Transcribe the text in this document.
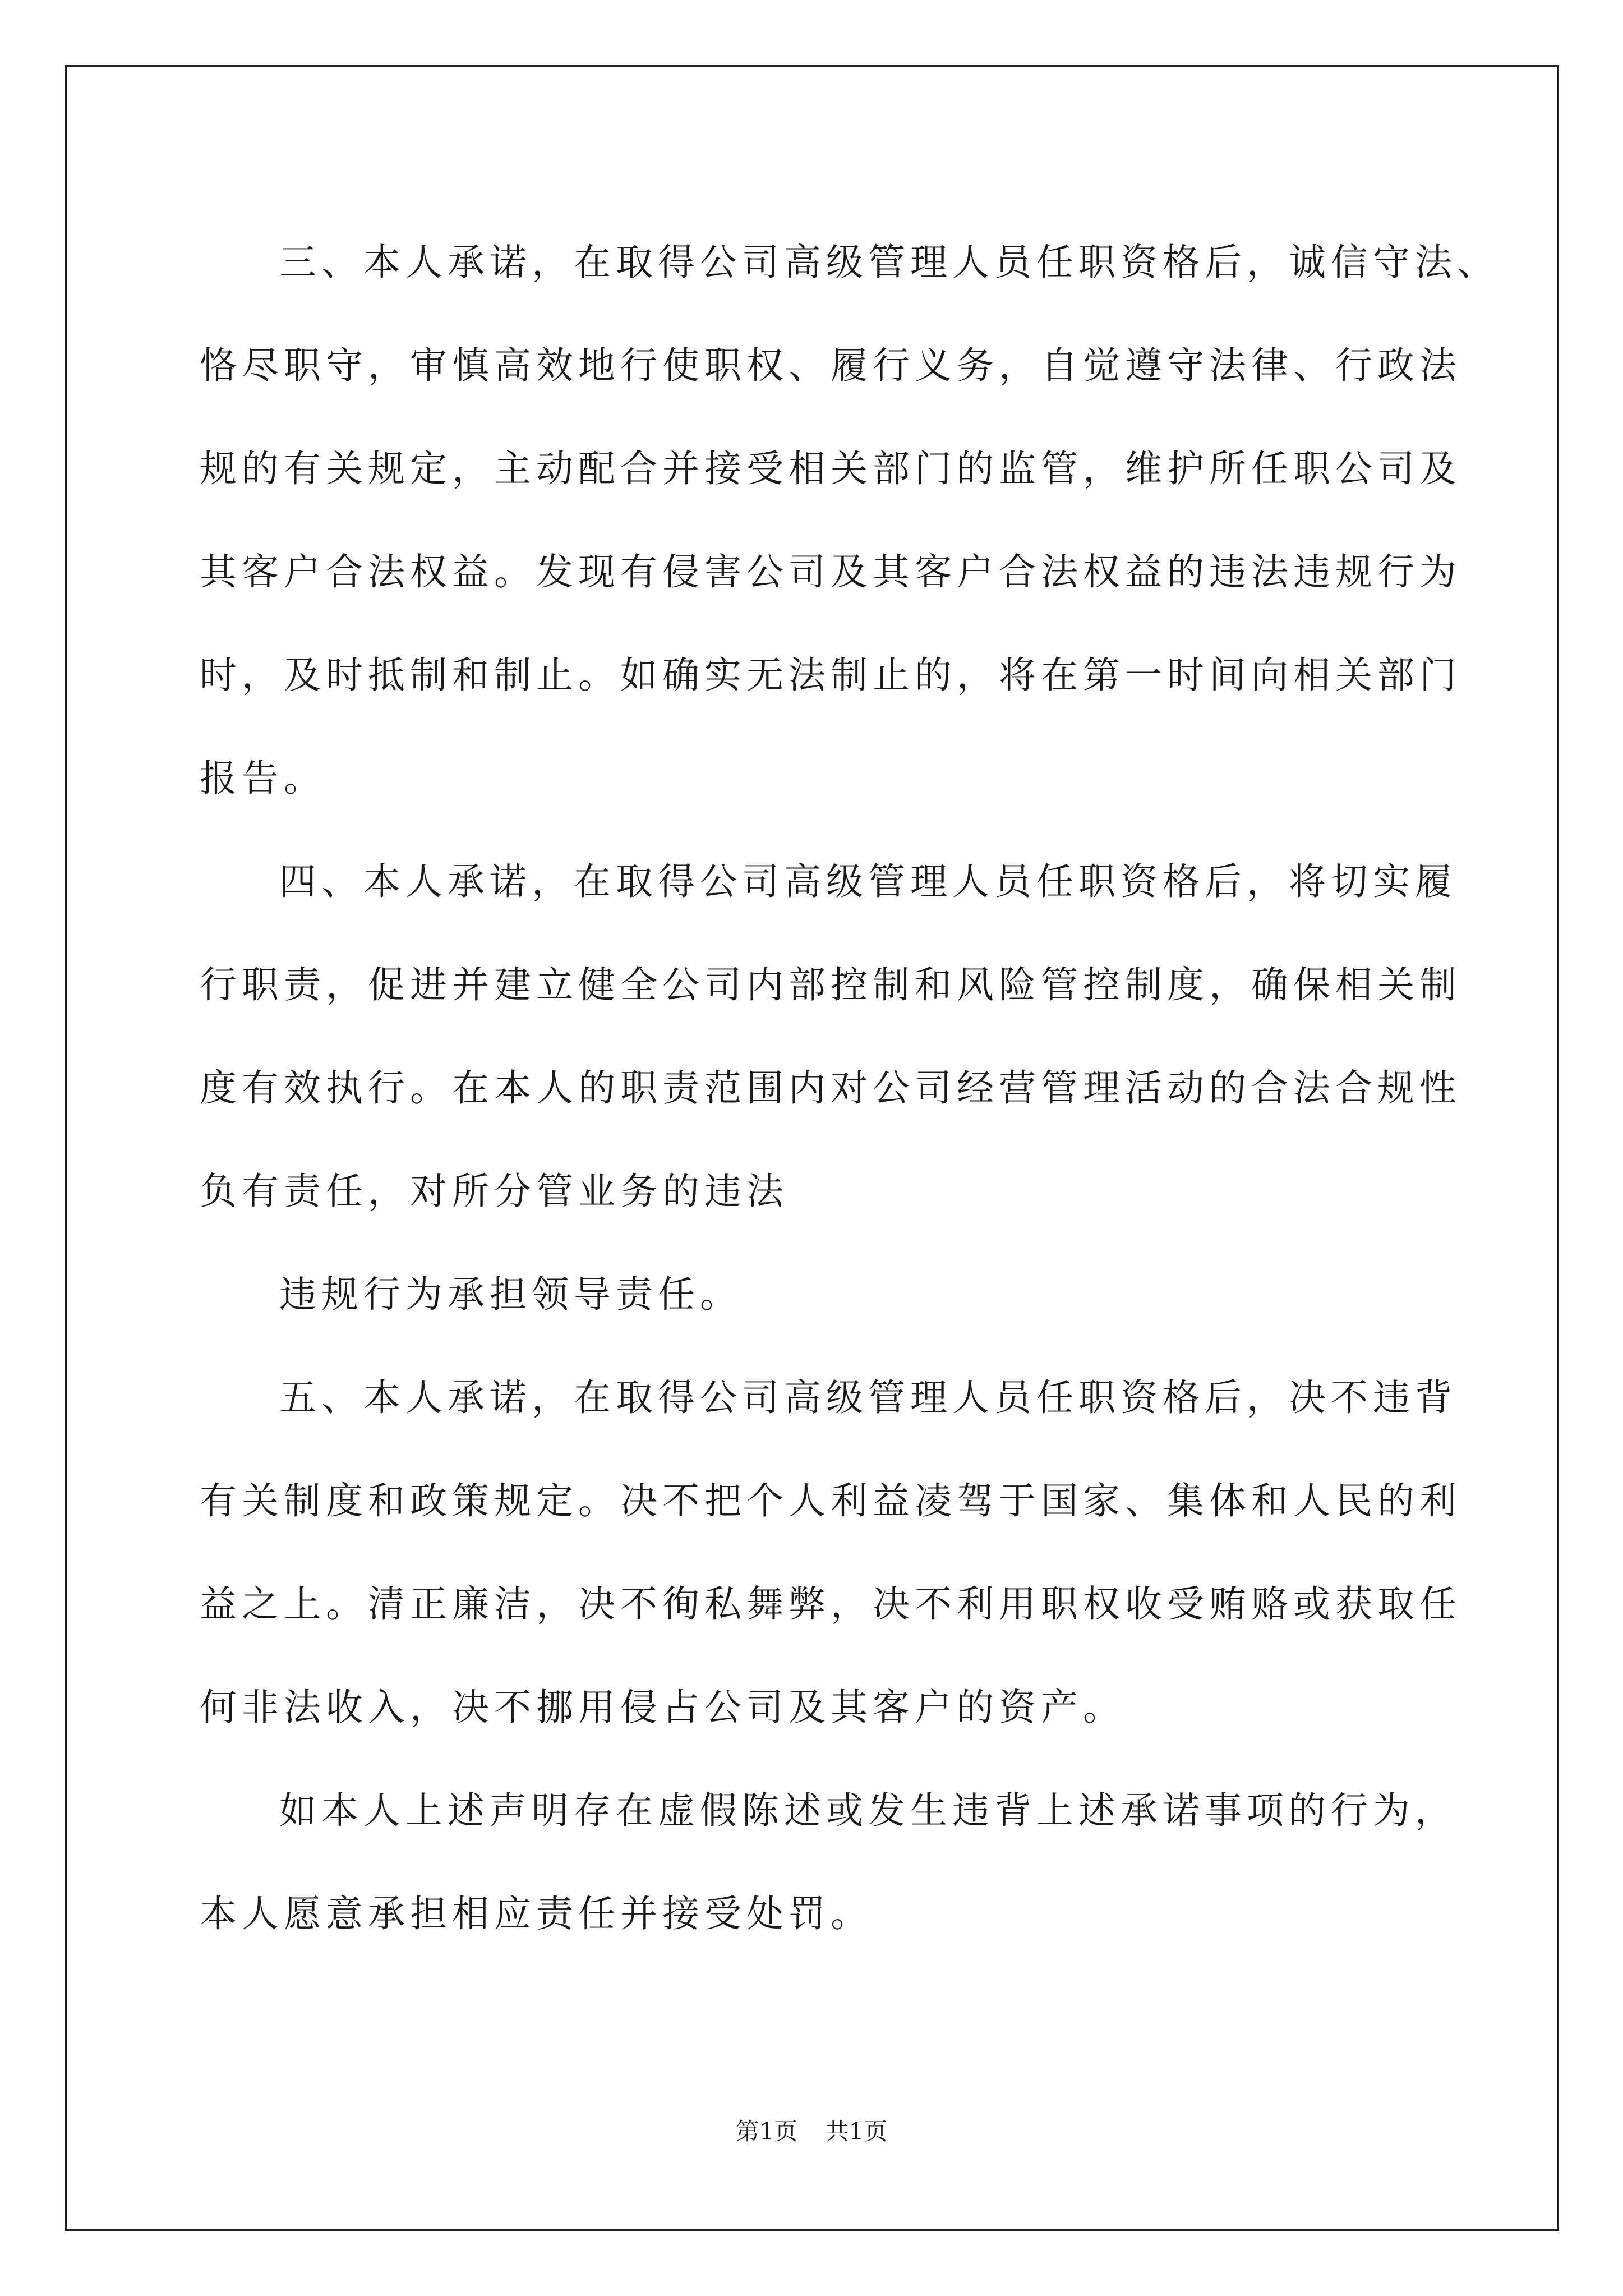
三、本人承诺，在取得公司高级管理人员任职资格后，诚信守法、
恪尽职守，审慎高效地行使职权、履行义务，自觉遵守法律、行政法
规的有关规定，主动配合并接受相关部门的监管，维护所任职公司及
其客户合法权益。发现有侵害公司及其客户合法权益的违法违规行为
时，及时抵制和制止。如确实无法制止的，将在第一时间向相关部门
报告。
四、本人承诺，在取得公司高级管理人员任职资格后，将切实履
行职责，促进并建立健全公司内部控制和风险管控制度，确保相关制
度有效执行。在本人的职责范围内对公司经营管理活动的合法合规性
负有责任，对所分管业务的违法
违规行为承担领导责任。
五、本人承诺，在取得公司高级管理人员任职资格后，决不违背
有关制度和政策规定。决不把个人利益凌驾于国家、集体和人民的利
益之上。清正廉洁，决不徇私舞弊，决不利用职权收受贿赂或获取任
何非法收入，决不挪用侵占公司及其客户的资产。
如本人上述声明存在虚假陈述或发生违背上述承诺事项的行为，
本人愿意承担相应责任并接受处罚。
第1页 共1页
